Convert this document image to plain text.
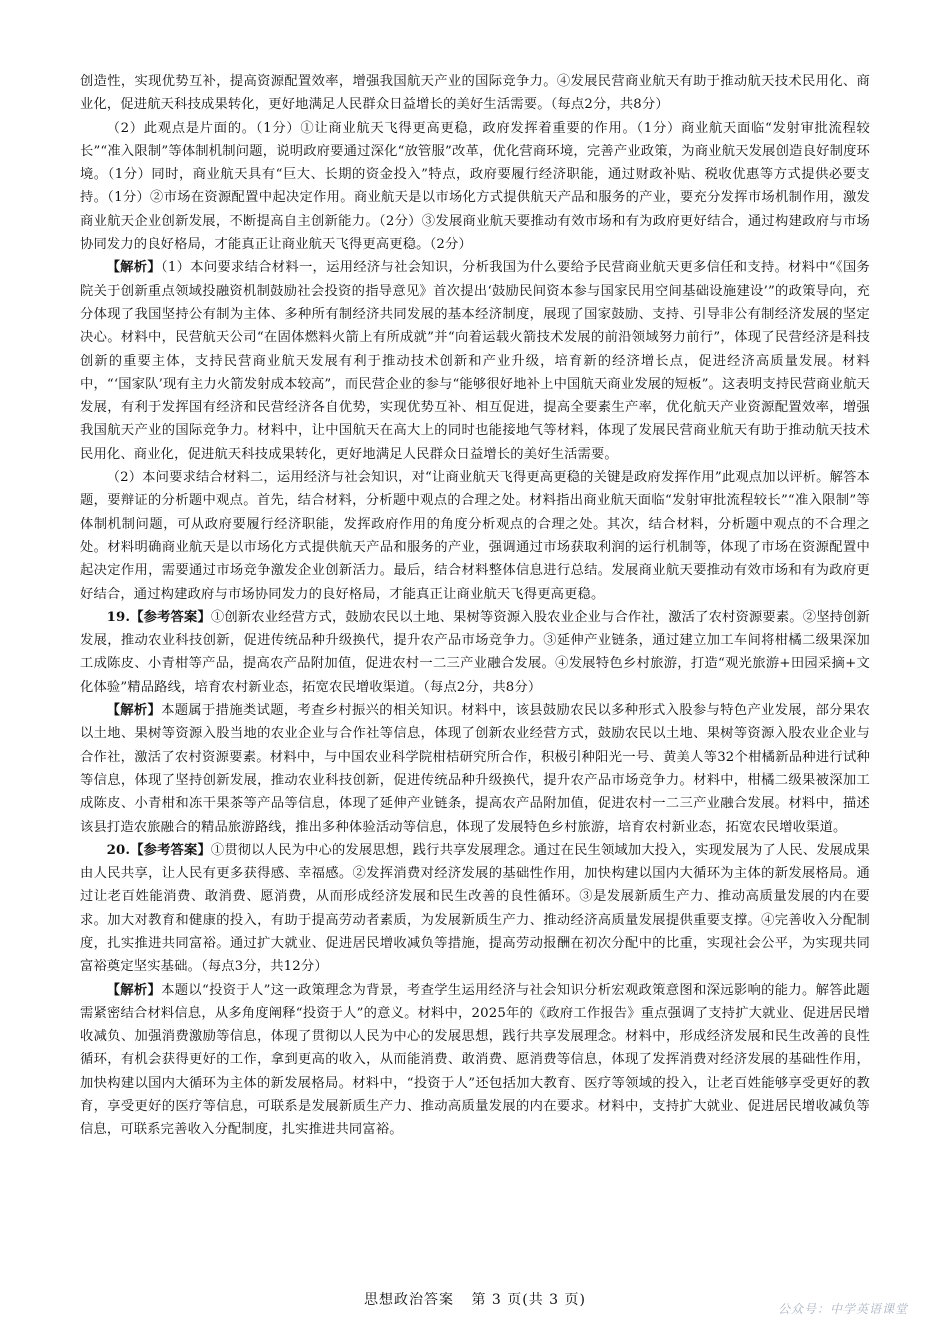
创造性，实现优势互补，提高资源配置效率，增强我国航天产业的国际竞争力。④发展民营商业航天有助于推动航天技术民用化、商业化，促进航天科技成果转化，更好地满足人民群众日益增长的美好生活需要。（每点2分，共8分）

（2）此观点是片面的。（1分）①让商业航天飞得更高更稳，政府发挥着重要的作用。（1分）商业航天面临“发射审批流程较长”“准入限制”等体制机制问题，说明政府要通过深化“放管服”改革，优化营商环境，完善产业政策，为商业航天发展创造良好制度环境。（1分）同时，商业航天具有“巨大、长期的资金投入”特点，政府要履行经济职能，通过财政补贴、税收优惠等方式提供必要支持。（1分）②市场在资源配置中起决定作用。商业航天是以市场化方式提供航天产品和服务的产业，要充分发挥市场机制作用，激发商业航天企业创新发展，不断提高自主创新能力。（2分）③发展商业航天要推动有效市场和有为政府更好结合，通过构建政府与市场协同发力的良好格局，才能真正让商业航天飞得更高更稳。（2分）

【解析】（1）本问要求结合材料一，运用经济与社会知识，分析我国为什么要给予民营商业航天更多信任和支持。材料中“《国务院关于创新重点领域投融资机制鼓励社会投资的指导意见》首次提出‘鼓励民间资本参与国家民用空间基础设施建设’”的政策导向，充分体现了我国坚持公有制为主体、多种所有制经济共同发展的基本经济制度，展现了国家鼓励、支持、引导非公有制经济发展的坚定决心。材料中，民营航天公司“在固体燃料火箭上有所成就”并“向着运载火箭技术发展的前沿领域努力前行”，体现了民营经济是科技创新的重要主体，支持民营商业航天发展有利于推动技术创新和产业升级，培育新的经济增长点，促进经济高质量发展。材料中，“‘国家队’现有主力火箭发射成本较高”，而民营企业的参与“能够很好地补上中国航天商业发展的短板”。这表明支持民营商业航天发展，有利于发挥国有经济和民营经济各自优势，实现优势互补、相互促进，提高全要素生产率，优化航天产业资源配置效率，增强我国航天产业的国际竞争力。材料中，让中国航天在高大上的同时也能接地气等材料，体现了发展民营商业航天有助于推动航天技术民用化、商业化，促进航天科技成果转化，更好地满足人民群众日益增长的美好生活需要。

（2）本问要求结合材料二，运用经济与社会知识，对“让商业航天飞得更高更稳的关键是政府发挥作用”此观点加以评析。解答本题，要辩证的分析题中观点。首先，结合材料，分析题中观点的合理之处。材料指出商业航天面临“发射审批流程较长”“准入限制”等体制机制问题，可从政府要履行经济职能，发挥政府作用的角度分析观点的合理之处。其次，结合材料，分析题中观点的不合理之处。材料明确商业航天是以市场化方式提供航天产品和服务的产业，强调通过市场获取利润的运行机制等，体现了市场在资源配置中起决定作用，需要通过市场竞争激发企业创新活力。最后，结合材料整体信息进行总结。发展商业航天要推动有效市场和有为政府更好结合，通过构建政府与市场协同发力的良好格局，才能真正让商业航天飞得更高更稳。

19.【参考答案】①创新农业经营方式，鼓励农民以土地、果树等资源入股农业企业与合作社，激活了农村资源要素。②坚持创新发展，推动农业科技创新，促进传统品种升级换代，提升农产品市场竞争力。③延伸产业链条，通过建立加工车间将柑橘二级果深加工成陈皮、小青柑等产品，提高农产品附加值，促进农村一二三产业融合发展。④发展特色乡村旅游，打造“观光旅游+田园采摘+文化体验”精品路线，培育农村新业态，拓宽农民增收渠道。（每点2分，共8分）

【解析】本题属于措施类试题，考查乡村振兴的相关知识。材料中，该县鼓励农民以多种形式入股参与特色产业发展，部分果农以土地、果树等资源入股当地的农业企业与合作社等信息，体现了创新农业经营方式，鼓励农民以土地、果树等资源入股农业企业与合作社，激活了农村资源要素。材料中，与中国农业科学院柑桔研究所合作，积极引种阳光一号、黄美人等32个柑橘新品种进行试种等信息，体现了坚持创新发展，推动农业科技创新，促进传统品种升级换代，提升农产品市场竞争力。材料中，柑橘二级果被深加工成陈皮、小青柑和冻干果茶等产品等信息，体现了延伸产业链条，提高农产品附加值，促进农村一二三产业融合发展。材料中，描述该县打造农旅融合的精品旅游路线，推出多种体验活动等信息，体现了发展特色乡村旅游，培育农村新业态，拓宽农民增收渠道。

20.【参考答案】①贯彻以人民为中心的发展思想，践行共享发展理念。通过在民生领域加大投入，实现发展为了人民、发展成果由人民共享，让人民有更多获得感、幸福感。②发挥消费对经济发展的基础性作用，加快构建以国内大循环为主体的新发展格局。通过让老百姓能消费、敢消费、愿消费，从而形成经济发展和民生改善的良性循环。③是发展新质生产力、推动高质量发展的内在要求。加大对教育和健康的投入，有助于提高劳动者素质，为发展新质生产力、推动经济高质量发展提供重要支撑。④完善收入分配制度，扎实推进共同富裕。通过扩大就业、促进居民增收减负等措施，提高劳动报酬在初次分配中的比重，实现社会公平，为实现共同富裕奠定坚实基础。（每点3分，共12分）

【解析】本题以“投资于人”这一政策理念为背景，考查学生运用经济与社会知识分析宏观政策意图和深远影响的能力。解答此题需紧密结合材料信息，从多角度阐释“投资于人”的意义。材料中，2025年的《政府工作报告》重点强调了支持扩大就业、促进居民增收减负、加强消费激励等信息，体现了贯彻以人民为中心的发展思想，践行共享发展理念。材料中，形成经济发展和民生改善的良性循环，有机会获得更好的工作，拿到更高的收入，从而能消费、敢消费、愿消费等信息，体现了发挥消费对经济发展的基础性作用，加快构建以国内大循环为主体的新发展格局。材料中，“投资于人”还包括加大教育、医疗等领域的投入，让老百姓能够享受更好的教育，享受更好的医疗等信息，可联系是发展新质生产力、推动高质量发展的内在要求。材料中，支持扩大就业、促进居民增收减负等信息，可联系完善收入分配制度，扎实推进共同富裕。

思想政治答案 第 3 页(共 3 页)
公众号：中学英语课堂
